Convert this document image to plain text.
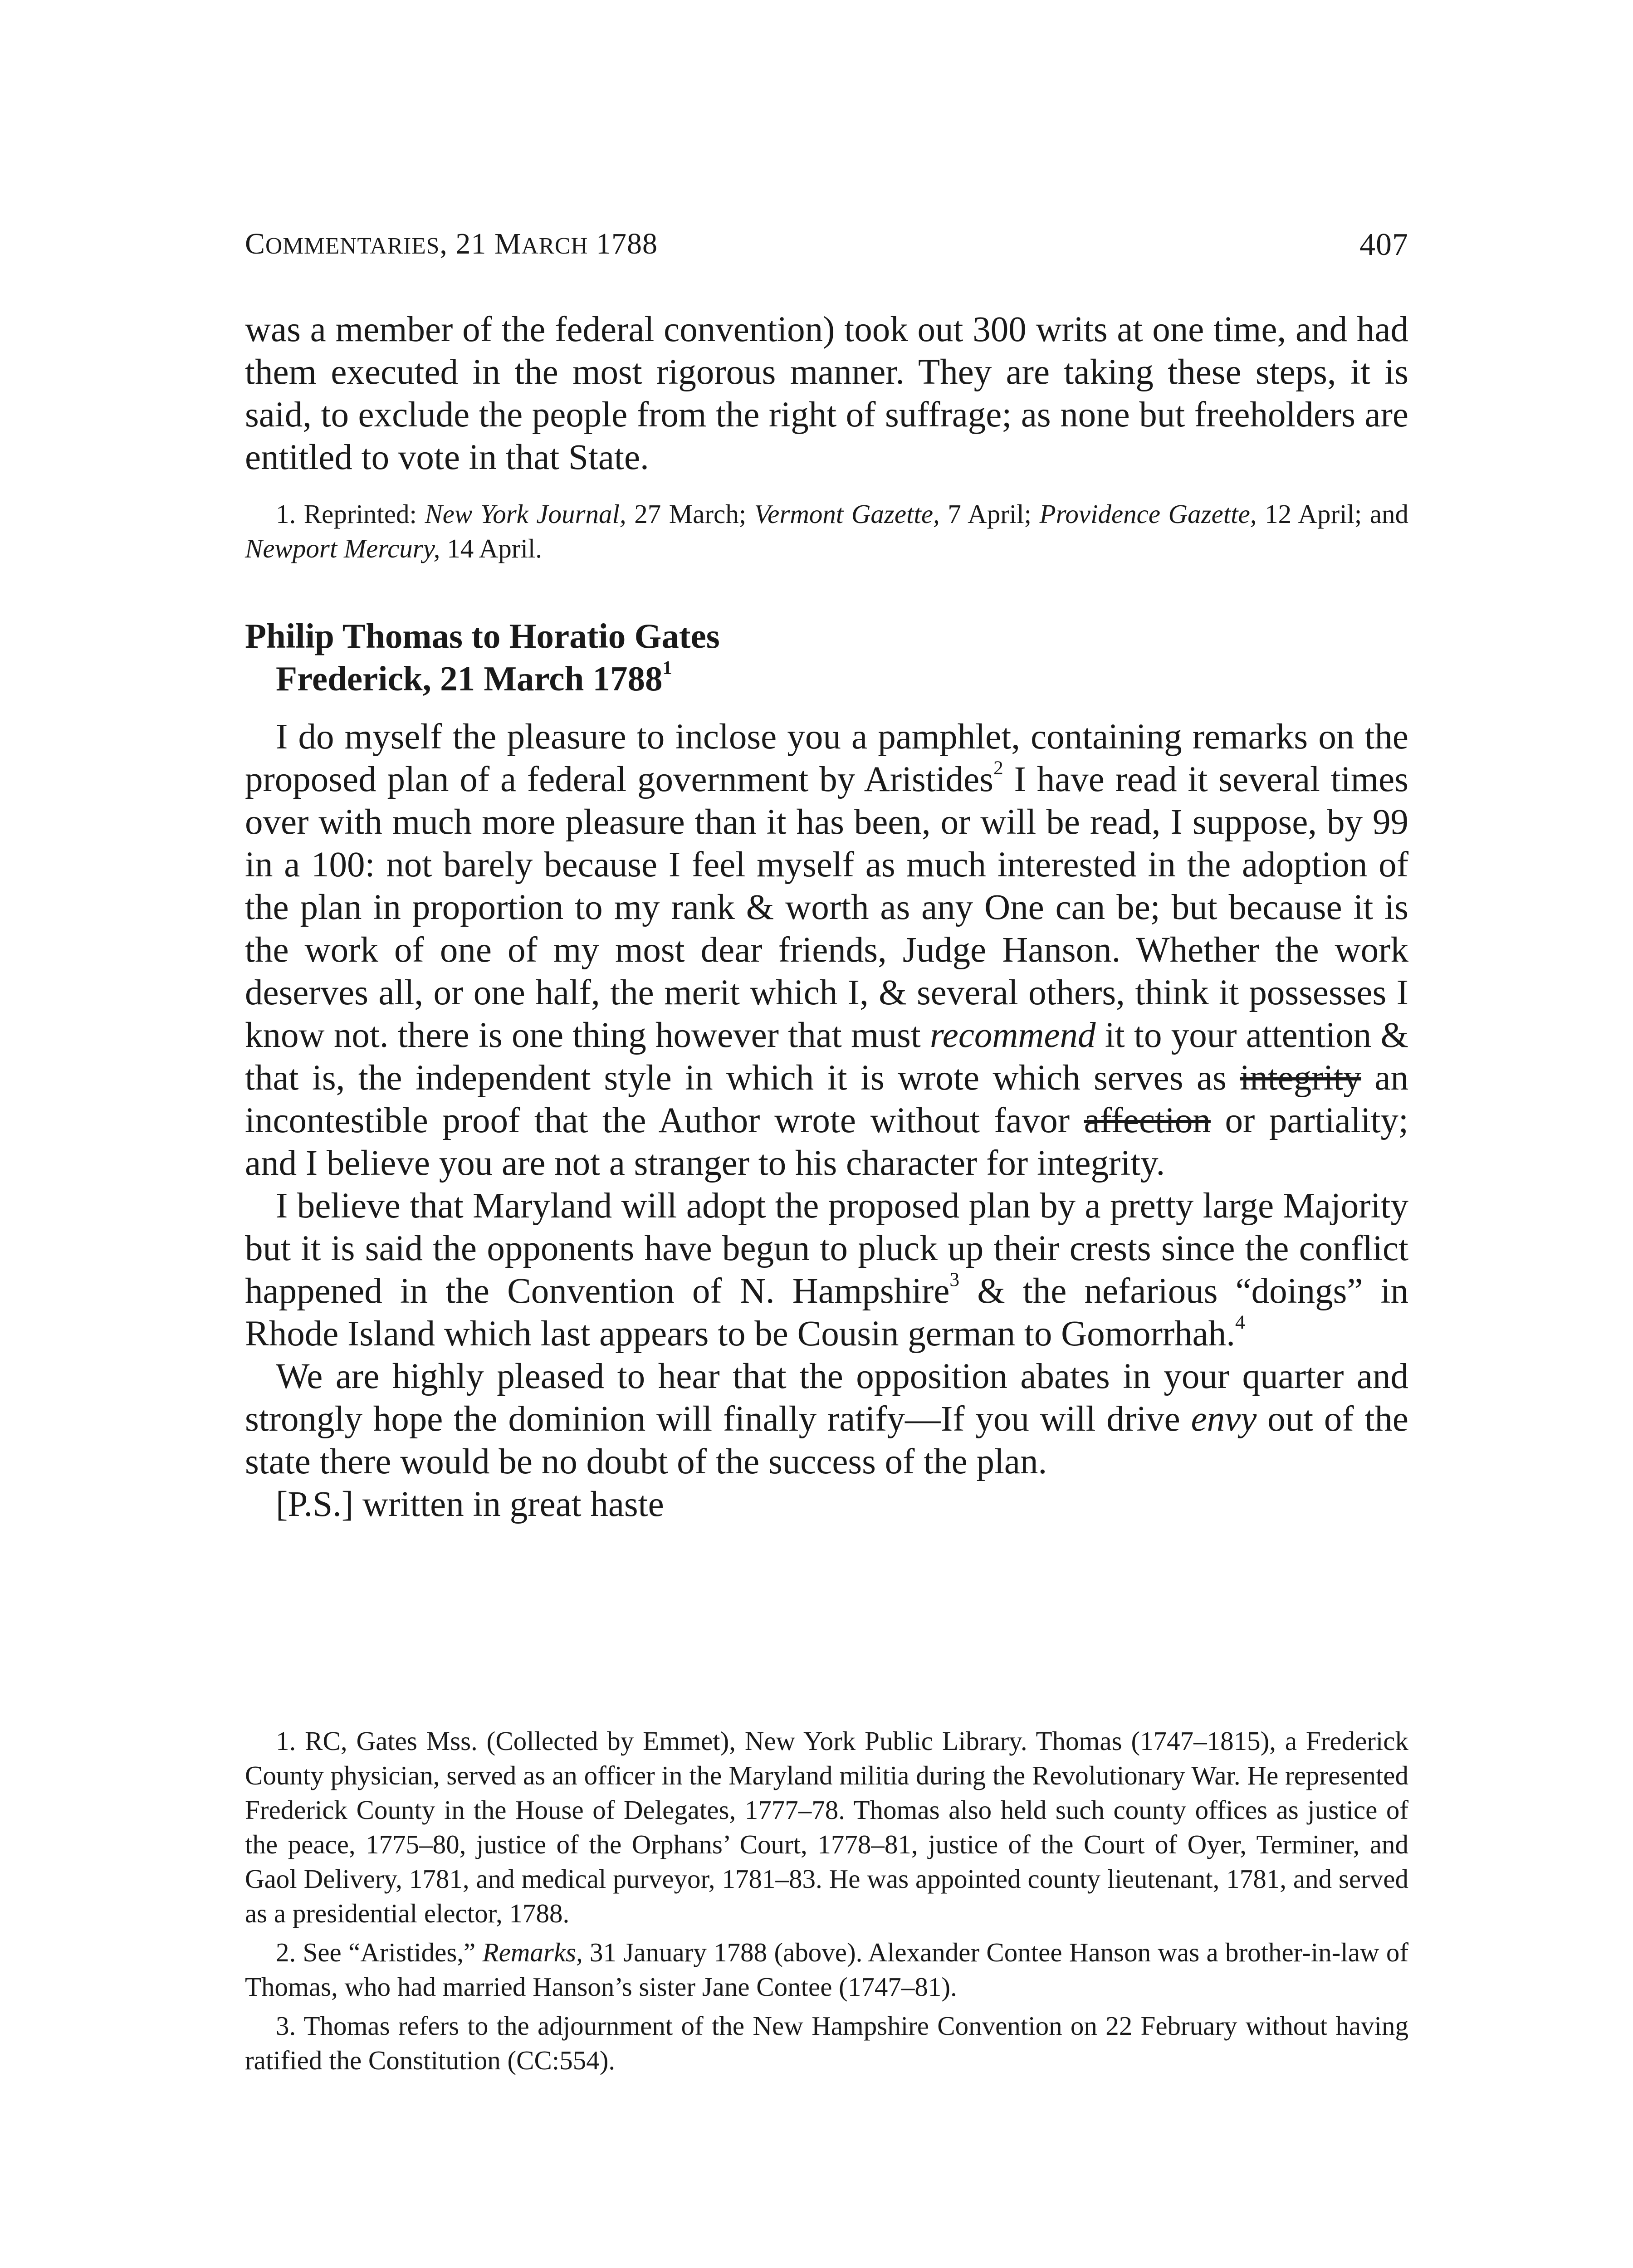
COMMENTARIES, 21 MARCH 1788	407

was a member of the federal convention) took out 300 writs at one time, and had them executed in the most rigorous manner. They are taking these steps, it is said, to exclude the people from the right of suffrage; as none but freeholders are entitled to vote in that State.

1. Reprinted: New York Journal, 27 March; Vermont Gazette, 7 April; Providence Gazette, 12 April; and Newport Mercury, 14 April.

Philip Thomas to Horatio Gates
Frederick, 21 March 1788$^1$

I do myself the pleasure to inclose you a pamphlet, containing remarks on the proposed plan of a federal government by Aristides$^2$ I have read it several times over with much more pleasure than it has been, or will be read, I suppose, by 99 in a 100: not barely because I feel myself as much interested in the adoption of the plan in proportion to my rank & worth as any One can be; but because it is the work of one of my most dear friends, Judge Hanson. Whether the work deserves all, or one half, the merit which I, & several others, think it possesses I know not. there is one thing however that must recommend it to your attention & that is, the independent style in which it is wrote which serves as integrity an incontestible proof that the Author wrote without favor affection or partiality; and I believe you are not a stranger to his character for integrity.

I believe that Maryland will adopt the proposed plan by a pretty large Majority but it is said the opponents have begun to pluck up their crests since the conflict happened in the Convention of N. Hampshire$^3$ & the nefarious “doings” in Rhode Island which last appears to be Cousin german to Gomorrhah.$^4$

We are highly pleased to hear that the opposition abates in your quarter and strongly hope the dominion will finally ratify—If you will drive envy out of the state there would be no doubt of the success of the plan.

[P.S.] written in great haste

1. RC, Gates Mss. (Collected by Emmet), New York Public Library. Thomas (1747–1815), a Frederick County physician, served as an officer in the Maryland militia during the Revolutionary War. He represented Frederick County in the House of Delegates, 1777–78. Thomas also held such county offices as justice of the peace, 1775–80, justice of the Orphans’ Court, 1778–81, justice of the Court of Oyer, Terminer, and Gaol Delivery, 1781, and medical purveyor, 1781–83. He was appointed county lieutenant, 1781, and served as a presidential elector, 1788.

2. See “Aristides,” Remarks, 31 January 1788 (above). Alexander Contee Hanson was a brother-in-law of Thomas, who had married Hanson’s sister Jane Contee (1747–81).

3. Thomas refers to the adjournment of the New Hampshire Convention on 22 February without having ratified the Constitution (CC:554).
